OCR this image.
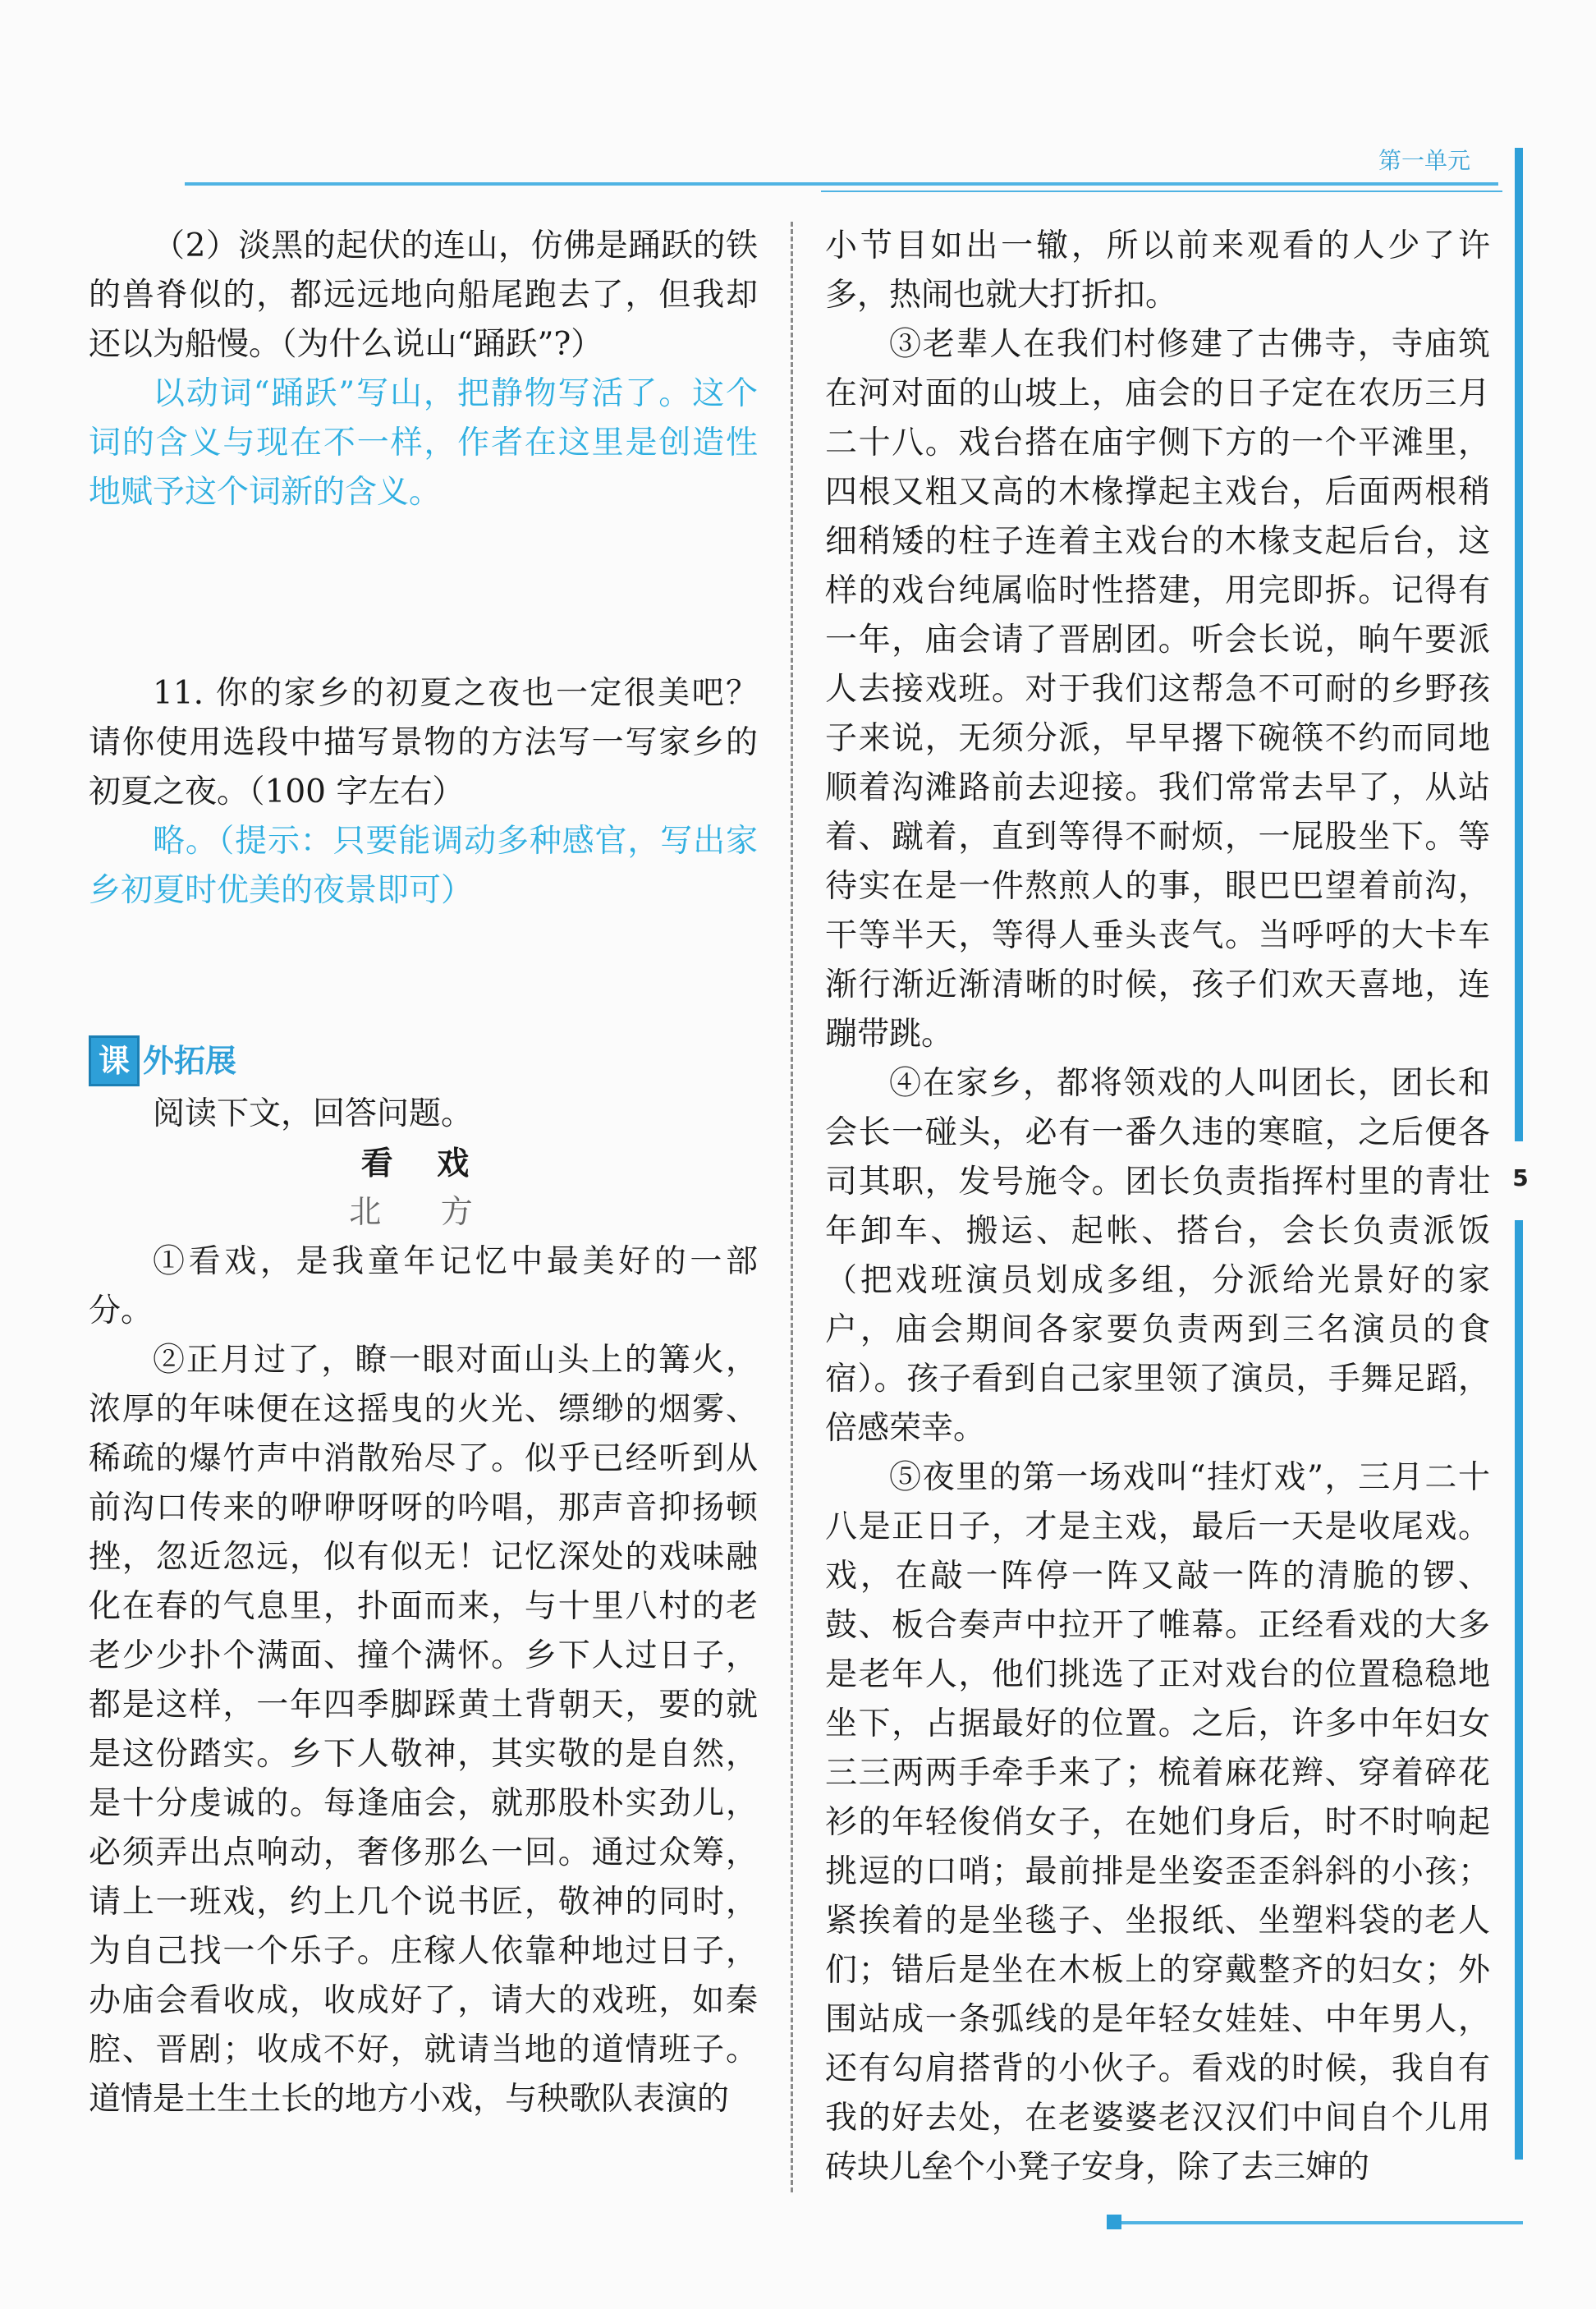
第一单元
5

（2）淡黑的起伏的连山，仿佛是踊跃的铁的兽脊似的，都远远地向船尾跑去了，但我却还以为船慢。（为什么说山“踊跃”?）

以动词“踊跃”写山，把静物写活了。这个词的含义与现在不一样，作者在这里是创造性地赋予这个词新的含义。

11. 你的家乡的初夏之夜也一定很美吧？请你使用选段中描写景物的方法写一写家乡的初夏之夜。（100 字左右）

略。（提示：只要能调动多种感官，写出家乡初夏时优美的夜景即可）

课 外拓展

阅读下文，回答问题。

看 戏

北 方

①看戏，是我童年记忆中最美好的一部分。

②正月过了，瞭一眼对面山头上的篝火，浓厚的年味便在这摇曳的火光、缥缈的烟雾、稀疏的爆竹声中消散殆尽了。似乎已经听到从前沟口传来的咿咿呀呀的吟唱，那声音抑扬顿挫，忽近忽远，似有似无！记忆深处的戏味融化在春的气息里，扑面而来，与十里八村的老老少少扑个满面、撞个满怀。乡下人过日子，都是这样，一年四季脚踩黄土背朝天，要的就是这份踏实。乡下人敬神，其实敬的是自然，是十分虔诚的。每逢庙会，就那股朴实劲儿，必须弄出点响动，奢侈那么一回。通过众筹，请上一班戏，约上几个说书匠，敬神的同时，为自己找一个乐子。庄稼人依靠种地过日子，办庙会看收成，收成好了，请大的戏班，如秦腔、晋剧；收成不好，就请当地的道情班子。道情是土生土长的地方小戏，与秧歌队表演的

小节目如出一辙，所以前来观看的人少了许多，热闹也就大打折扣。

③老辈人在我们村修建了古佛寺，寺庙筑在河对面的山坡上，庙会的日子定在农历三月二十八。戏台搭在庙宇侧下方的一个平滩里，四根又粗又高的木椽撑起主戏台，后面两根稍细稍矮的柱子连着主戏台的木椽支起后台，这样的戏台纯属临时性搭建，用完即拆。记得有一年，庙会请了晋剧团。听会长说，晌午要派人去接戏班。对于我们这帮急不可耐的乡野孩子来说，无须分派，早早撂下碗筷不约而同地顺着沟滩路前去迎接。我们常常去早了，从站着、蹴着，直到等得不耐烦，一屁股坐下。等待实在是一件熬煎人的事，眼巴巴望着前沟，干等半天，等得人垂头丧气。当呼呼的大卡车渐行渐近渐清晰的时候，孩子们欢天喜地，连蹦带跳。

④在家乡，都将领戏的人叫团长，团长和会长一碰头，必有一番久违的寒暄，之后便各司其职，发号施令。团长负责指挥村里的青壮年卸车、搬运、起帐、搭台，会长负责派饭（把戏班演员划成多组，分派给光景好的家户，庙会期间各家要负责两到三名演员的食宿）。孩子看到自己家里领了演员，手舞足蹈，倍感荣幸。

⑤夜里的第一场戏叫“挂灯戏”，三月二十八是正日子，才是主戏，最后一天是收尾戏。戏，在敲一阵停一阵又敲一阵的清脆的锣、鼓、板合奏声中拉开了帷幕。正经看戏的大多是老年人，他们挑选了正对戏台的位置稳稳地坐下，占据最好的位置。之后，许多中年妇女三三两两手牵手来了；梳着麻花辫、穿着碎花衫的年轻俊俏女子，在她们身后，时不时响起挑逗的口哨；最前排是坐姿歪歪斜斜的小孩；紧挨着的是坐毯子、坐报纸、坐塑料袋的老人们；错后是坐在木板上的穿戴整齐的妇女；外围站成一条弧线的是年轻女娃娃、中年男人，还有勾肩搭背的小伙子。看戏的时候，我自有我的好去处，在老婆婆老汉汉们中间自个儿用砖块儿垒个小凳子安身，除了去三婶的
